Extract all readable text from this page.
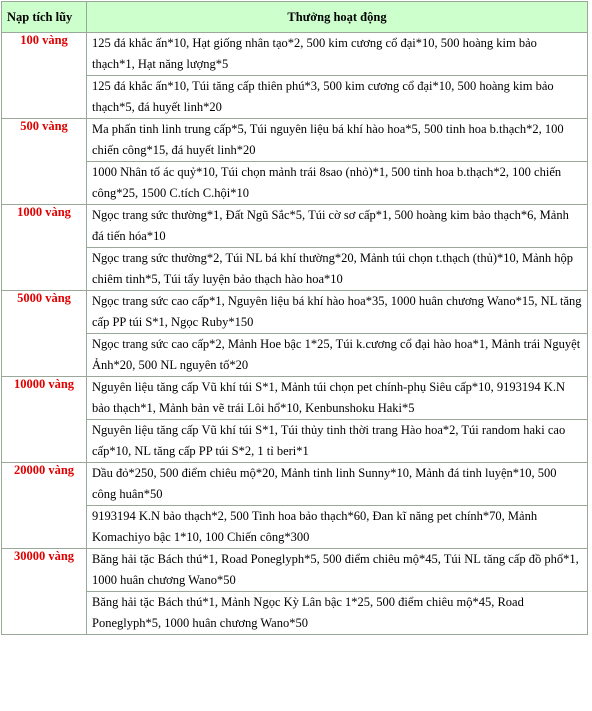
Nạp tích lũy	Thưởng hoạt động
100 vàng	125 đá khắc ấn*10, Hạt giống nhân tạo*2, 500 kim cương cổ đại*10, 500 hoàng kim bảo thạch*1, Hạt năng lượng*5
	125 đá khắc ấn*10, Túi tăng cấp thiên phú*3, 500 kim cương cổ đại*10, 500 hoàng kim bảo thạch*5, đá huyết linh*20
500 vàng	Ma phấn tinh linh trung cấp*5, Túi nguyên liệu bá khí hào hoa*5, 500 tinh hoa b.thạch*2, 100 chiến công*15, đá huyết linh*20
	1000 Nhân tố ác quỷ*10, Túi chọn mảnh trái 8sao (nhỏ)*1, 500 tinh hoa b.thạch*2, 100 chiến công*25, 1500 C.tích C.hội*10
1000 vàng	Ngọc trang sức thường*1, Đất Ngũ Sắc*5, Túi cờ sơ cấp*1, 500 hoàng kim bảo thạch*6, Mảnh đá tiến hóa*10
	Ngọc trang sức thường*2, Túi NL bá khí thường*20, Mảnh túi chọn t.thạch (thủ)*10, Mảnh hộp chiêm tinh*5, Túi tẩy luyện bảo thạch hào hoa*10
5000 vàng	Ngọc trang sức cao cấp*1, Nguyên liệu bá khí hào hoa*35, 1000 huân chương Wano*15, NL tăng cấp PP túi S*1, Ngọc Ruby*150
	Ngọc trang sức cao cấp*2, Mảnh Hoe bậc 1*25, Túi k.cương cổ đại hào hoa*1, Mảnh trái Nguyệt Ảnh*20, 500 NL nguyên tố*20
10000 vàng	Nguyên liệu tăng cấp Vũ khí túi S*1, Mảnh túi chọn pet chính-phụ Siêu cấp*10, 9193194 K.N bảo thạch*1, Mảnh bản vẽ trái Lôi hổ*10, Kenbunshoku Haki*5
	Nguyên liệu tăng cấp Vũ khí túi S*1, Túi thủy tinh thời trang Hào hoa*2, Túi random haki cao cấp*10, NL tăng cấp PP túi S*2, 1 tỉ beri*1
20000 vàng	Dầu đỏ*250, 500 điểm chiêu mộ*20, Mảnh tinh linh Sunny*10, Mảnh đá tinh luyện*10, 500 công huân*50
	9193194 K.N bảo thạch*2, 500 Tinh hoa bảo thạch*60, Đan kĩ năng pet chính*70, Mảnh Komachiyo bậc 1*10, 100 Chiến công*300
30000 vàng	Băng hải tặc Bách thú*1, Road Poneglyph*5, 500 điểm chiêu mộ*45, Túi NL tăng cấp đồ phổ*1, 1000 huân chương Wano*50
	Băng hải tặc Bách thú*1, Mảnh Ngọc Kỳ Lân bậc 1*25, 500 điểm chiêu mộ*45, Road Poneglyph*5, 1000 huân chương Wano*50
